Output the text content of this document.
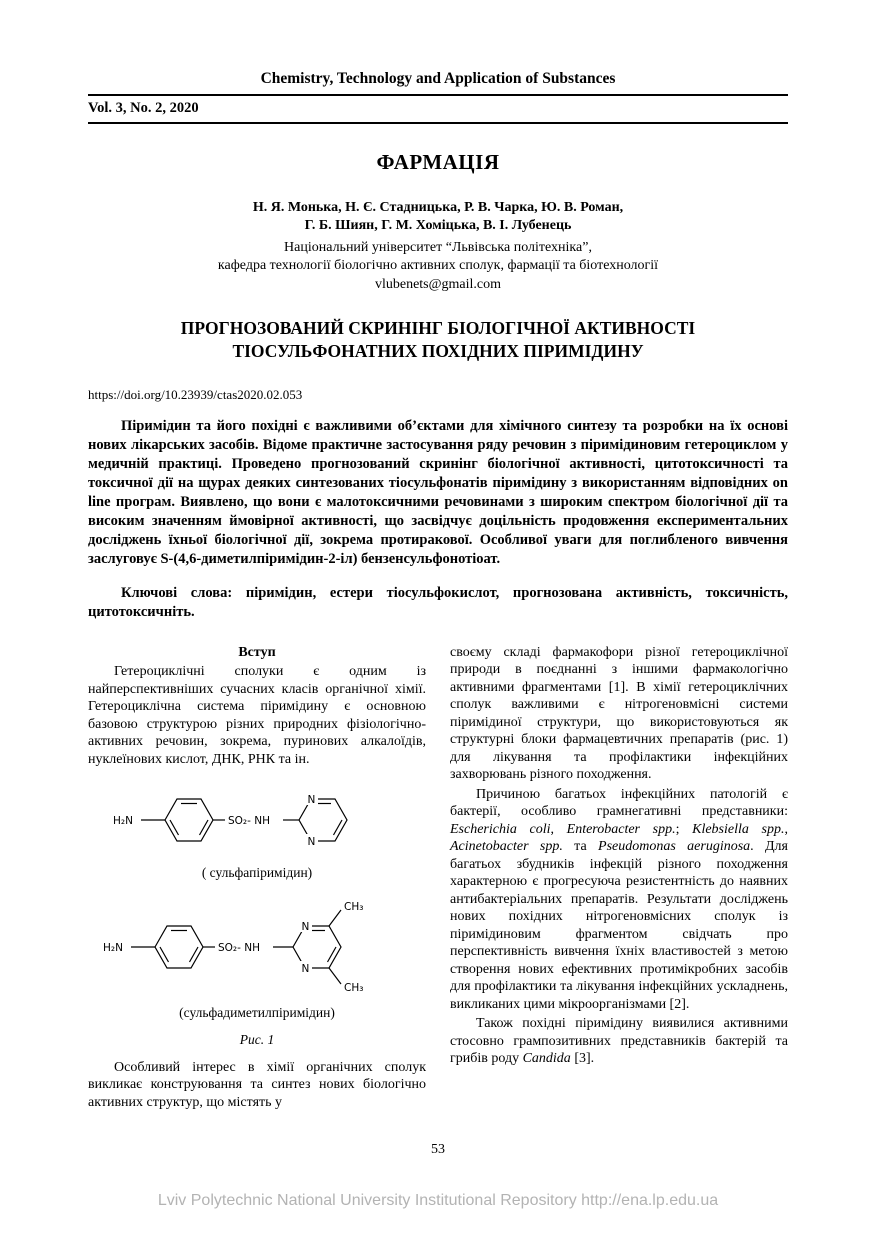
Chemistry, Technology and Application of Substances
Vol. 3, No. 2, 2020
ФАРМАЦІЯ
Н. Я. Монька, Н. Є. Стадницька, Р. В. Чарка, Ю. В. Роман,
Г. Б. Шиян, Г. М. Хоміцька, В. І. Лубенець
Національний університет “Львівська політехніка”,
кафедра технології біологічно активних сполук, фармації та біотехнології
vlubenets@gmail.com
ПРОГНОЗОВАНИЙ СКРИНІНГ БІОЛОГІЧНОЇ АКТИВНОСТІ
ТІОСУЛЬФОНАТНИХ ПОХІДНИХ ПІРИМІДИНУ
https://doi.org/10.23939/ctas2020.02.053

Піримідин та його похідні є важливими об’єктами для хімічного синтезу та розробки на їх основі нових лікарських засобів. Відоме практичне застосування ряду речовин з піримідиновим гетероциклом у медичній практиці. Проведено прогнозований скринінг біологічної активності, цитотоксичності та токсичної дії на щурах деяких синтезованих тіосульфонатів піримідину з використанням відповідних on line програм. Виявлено, що вони є малотоксичними речовинами з широким спектром біологічної дії та високим значенням ймовірної активності, що засвідчує доцільність продовження експериментальних досліджень їхньої біологічної дії, зокрема протиракової. Особливої уваги для поглибленого вивчення заслуговує S-(4,6-диметилпіримідин-2-іл) бензенсульфонотіоат.

Ключові слова: піримідин, естери тіосульфокислот, прогнозована активність, токсичність, цитотоксичніть.

Вступ

Гетероциклічні сполуки є одним із найперспективніших сучасних класів органічної хімії. Гетероциклічна система піримідину є основною базовою структурою різних природних фізіологічно-активних речовин, зокрема, пуринових алкалоїдів, нуклеїнових кислот, ДНК, РНК та ін.

H₂N	SO₂- NH
N
N

( сульфапіримідин)

H₂N	SO₂- NH
N
N
CH₃
CH₃

(сульфадиметилпіримідин)

Рис. 1

Особливий інтерес в хімії органічних сполук викликає конструювання та синтез нових біологічно активних структур, що містять у

своєму складі фармакофори різної гетероциклічної природи в поєднанні з іншими фармакологічно активними фрагментами [1]. В хімії гетероциклічних сполук важливими є нітрогеновмісні системи піримідиної структури, що використовуються як структурні блоки фармацевтичних препаратів (рис. 1) для лікування та профілактики інфекційних захворювань різного походження.

Причиною багатьох інфекційних патологій є бактерії, особливо грамнегативні представники: Escherichia coli, Enterobacter spp.; Klebsiella spp., Acinetobacter spp. та Pseudomonas aeruginosa. Для багатьох збудників інфекцій різного походження характерною є прогресуюча резистентність до наявних антибактеріальних препаратів. Результати досліджень нових похідних нітрогеновмісних сполук із піримідиновим фрагментом свідчать про перспективність вивчення їхніх властивостей з метою створення нових ефективних протимікробних засобів для профілактики та лікування інфекційних ускладнень, викликаних цими мікроорганізмами [2].

Також похідні піримідину виявилися активними стосовно грампозитивних представників бактерій та грибів роду Candida [3].

53
Lviv Polytechnic National University Institutional Repository http://ena.lp.edu.ua
